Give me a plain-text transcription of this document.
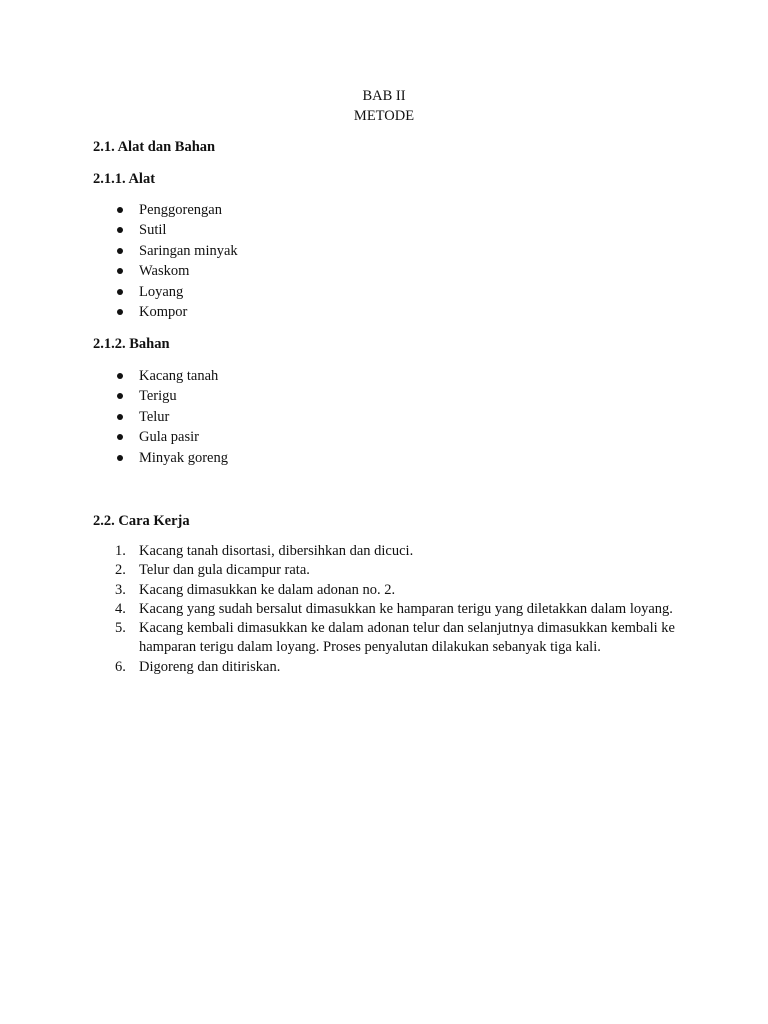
BAB II
METODE
2.1. Alat dan Bahan
2.1.1. Alat
Penggorengan
Sutil
Saringan minyak
Waskom
Loyang
Kompor
2.1.2. Bahan
Kacang tanah
Terigu
Telur
Gula pasir
Minyak goreng
2.2. Cara Kerja
1. Kacang tanah disortasi, dibersihkan dan dicuci.
2. Telur dan gula dicampur rata.
3. Kacang dimasukkan ke dalam adonan no. 2.
4. Kacang yang sudah bersalut dimasukkan ke hamparan terigu yang diletakkan dalam loyang.
5. Kacang kembali dimasukkan ke dalam adonan telur dan selanjutnya dimasukkan kembali ke hamparan terigu dalam loyang. Proses penyalutan dilakukan sebanyak tiga kali.
6. Digoreng dan ditiriskan.
